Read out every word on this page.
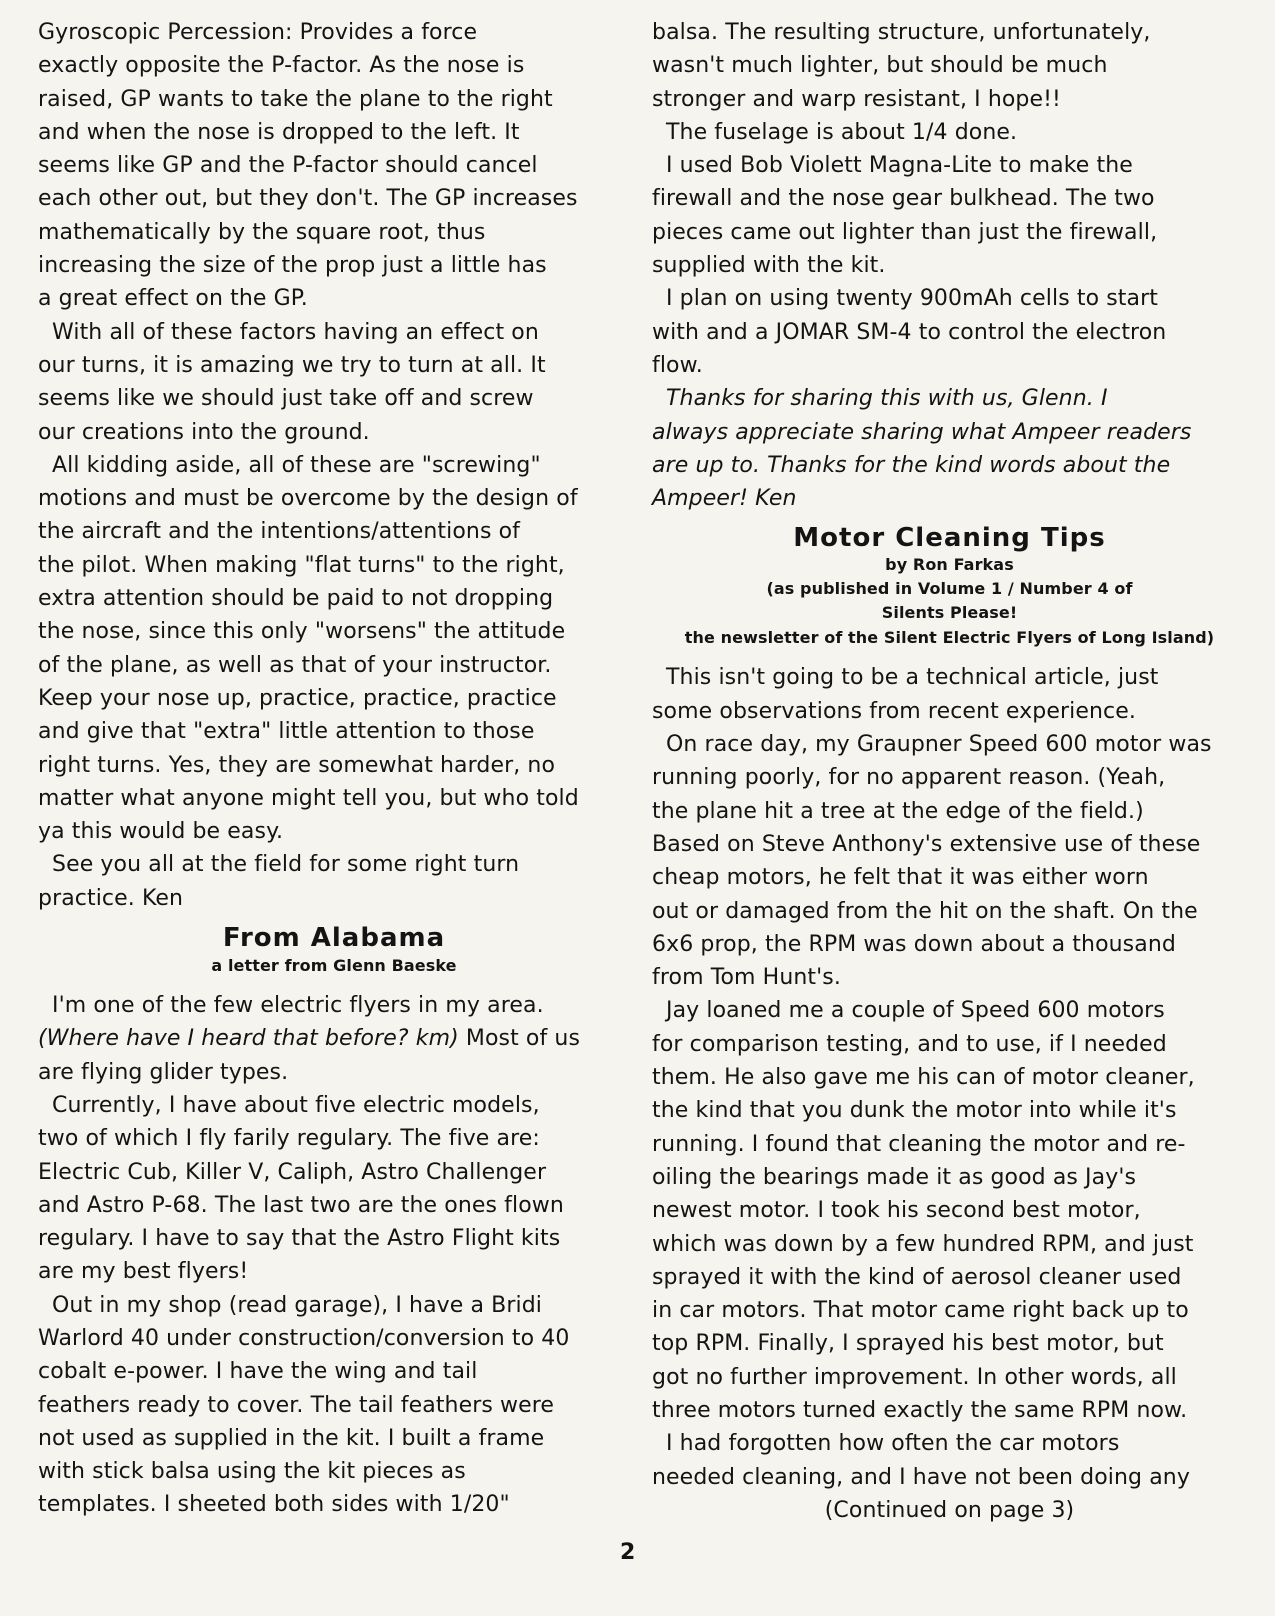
Gyroscopic Percession: Provides a force
exactly opposite the P-factor. As the nose is
raised, GP wants to take the plane to the right
and when the nose is dropped to the left. It
seems like GP and the P-factor should cancel
each other out, but they don't. The GP increases
mathematically by the square root, thus
increasing the size of the prop just a little has
a great effect on the GP.

With all of these factors having an effect on
our turns, it is amazing we try to turn at all. It
seems like we should just take off and screw
our creations into the ground.

All kidding aside, all of these are "screwing"
motions and must be overcome by the design of
the aircraft and the intentions/attentions of
the pilot. When making "flat turns" to the right,
extra attention should be paid to not dropping
the nose, since this only "worsens" the attitude
of the plane, as well as that of your instructor.
Keep your nose up, practice, practice, practice
and give that "extra" little attention to those
right turns. Yes, they are somewhat harder, no
matter what anyone might tell you, but who told
ya this would be easy.

See you all at the field for some right turn
practice. Ken

From Alabama
a letter from Glenn Baeske

I'm one of the few electric flyers in my area.
(Where have I heard that before? km) Most of us
are flying glider types.

Currently, I have about five electric models,
two of which I fly farily regulary. The five are:
Electric Cub, Killer V, Caliph, Astro Challenger
and Astro P-68. The last two are the ones flown
regulary. I have to say that the Astro Flight kits
are my best flyers!

Out in my shop (read garage), I have a Bridi
Warlord 40 under construction/conversion to 40
cobalt e-power. I have the wing and tail
feathers ready to cover. The tail feathers were
not used as supplied in the kit. I built a frame
with stick balsa using the kit pieces as
templates. I sheeted both sides with 1/20"

balsa. The resulting structure, unfortunately,
wasn't much lighter, but should be much
stronger and warp resistant, I hope!!

The fuselage is about 1/4 done.

I used Bob Violett Magna-Lite to make the
firewall and the nose gear bulkhead. The two
pieces came out lighter than just the firewall,
supplied with the kit.

I plan on using twenty 900mAh cells to start
with and a JOMAR SM-4 to control the electron
flow.

Thanks for sharing this with us, Glenn. I
always appreciate sharing what Ampeer readers
are up to. Thanks for the kind words about the
Ampeer! Ken

Motor Cleaning Tips
by Ron Farkas
(as published in Volume 1 / Number 4 of
Silents Please!
the newsletter of the Silent Electric Flyers of Long Island)

This isn't going to be a technical article, just
some observations from recent experience.

On race day, my Graupner Speed 600 motor was
running poorly, for no apparent reason. (Yeah,
the plane hit a tree at the edge of the field.)
Based on Steve Anthony's extensive use of these
cheap motors, he felt that it was either worn
out or damaged from the hit on the shaft. On the
6x6 prop, the RPM was down about a thousand
from Tom Hunt's.

Jay loaned me a couple of Speed 600 motors
for comparison testing, and to use, if I needed
them. He also gave me his can of motor cleaner,
the kind that you dunk the motor into while it's
running. I found that cleaning the motor and re-
oiling the bearings made it as good as Jay's
newest motor. I took his second best motor,
which was down by a few hundred RPM, and just
sprayed it with the kind of aerosol cleaner used
in car motors. That motor came right back up to
top RPM. Finally, I sprayed his best motor, but
got no further improvement. In other words, all
three motors turned exactly the same RPM now.

I had forgotten how often the car motors
needed cleaning, and I have not been doing any

(Continued on page 3)

2
